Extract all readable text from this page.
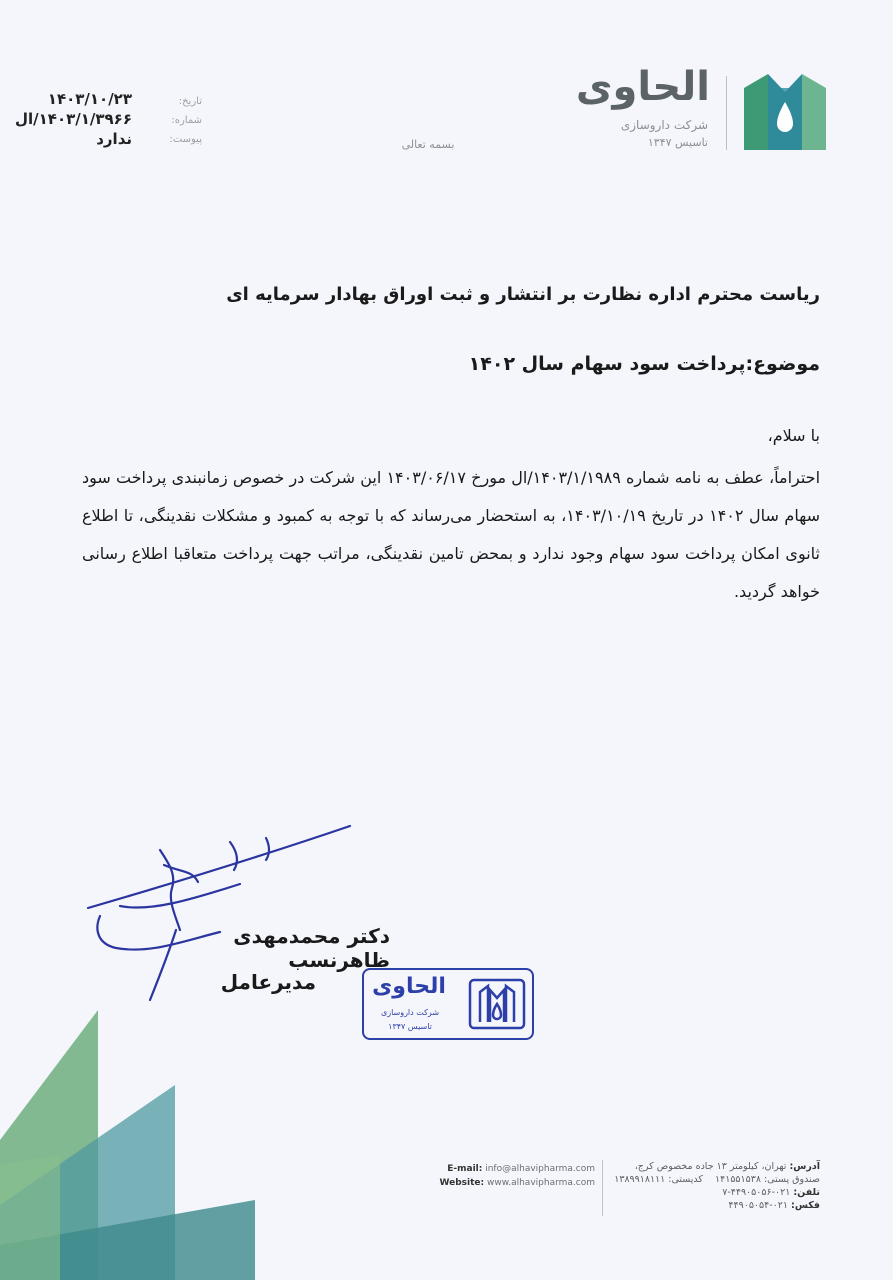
الحاوی
شرکت داروسازی
تاسیس ۱۳۴۷
بسمه تعالی
تاریخ:
شماره:
پیوست:
۱۴۰۳/۱۰/۲۳
۱۴۰۳/۱/۳۹۶۶/ال
ندارد
ریاست محترم اداره نظارت بر انتشار و ثبت اوراق بهادار سرمایه ای
موضوع:پرداخت سود سهام سال ۱۴۰۲
با سلام،
احتراماً، عطف به نامه شماره ۱۴۰۳/۱/۱۹۸۹/ال مورخ ۱۴۰۳/۰۶/۱۷ این شرکت در خصوص زمانبندی پرداخت سود سهام سال ۱۴۰۲ در تاریخ ۱۴۰۳/۱۰/۱۹، به استحضار می‌رساند که با توجه به کمبود و مشکلات نقدینگی، تا اطلاع ثانوی امکان پرداخت سود سهام وجود ندارد و بمحض تامین نقدینگی، مراتب جهت پرداخت متعاقبا اطلاع رسانی خواهد گردید.
دکتر محمدمهدی ظاهرنسب
مدیرعامل	الحاوی
شرکت داروسازی
تاسیس ۱۳۴۷
آدرس: تهران، کیلومتر ۱۳ جاده مخصوص کرج،
صندوق پستی: ۱۴۱۵۵۱۵۳۸    کدپستی: ۱۳۸۹۹۱۸۱۱۱
تلفن: ۰۲۱-۴۴۹۰۵۰۵۶-۷
فکس: ۰۲۱-۴۴۹۰۵۰۵۴
E-mail: info@alhavipharma.com
Website: www.alhavipharma.com
